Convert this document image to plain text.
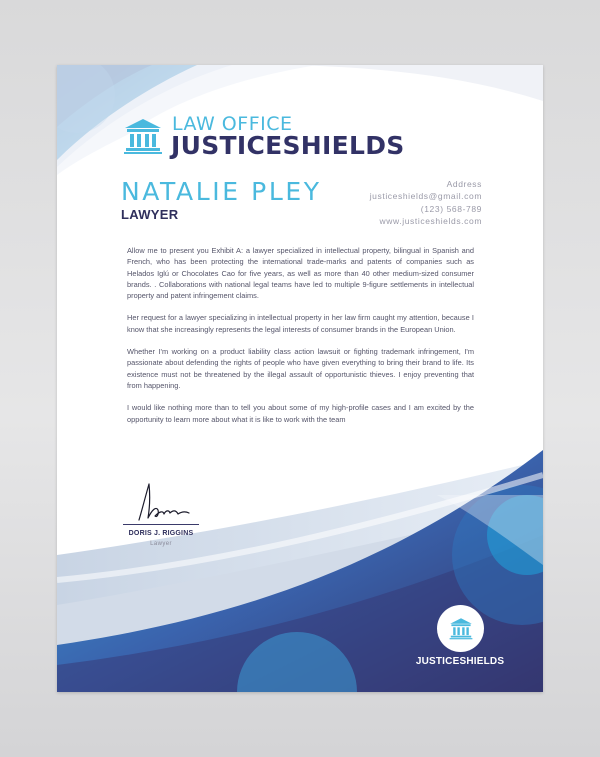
LAW OFFICE
JUSTICESHIELDS
NATALIE PLEY
LAWYER
Address
justiceshields@gmail.com
(123) 568-789
www.justiceshields.com

Allow me to present you Exhibit A: a lawyer specialized in intellectual property, bilingual in Spanish and French, who has been protecting the international trade-marks and patents of companies such as Helados Iglú or Chocolates Cao for five years, as well as more than 40 other medium-sized consumer brands. . Collaborations with national legal teams have led to multiple 9-figure settlements in intellectual property and patent infringement claims.

Her request for a lawyer specializing in intellectual property in her law firm caught my attention, because I know that she increasingly represents the legal interests of consumer brands in the European Union.

Whether I'm working on a product liability class action lawsuit or fighting trademark infringement, I'm passionate about defending the rights of people who have given everything to bring their brand to life. Its existence must not be threatened by the illegal assault of opportunistic thieves. I enjoy preventing that from happening.

I would like nothing more than to tell you about some of my high-profile cases and I am excited by the opportunity to learn more about what it is like to work with the team

DORIS J. RIGGINS
Lawyer
JUSTICESHIELDS
